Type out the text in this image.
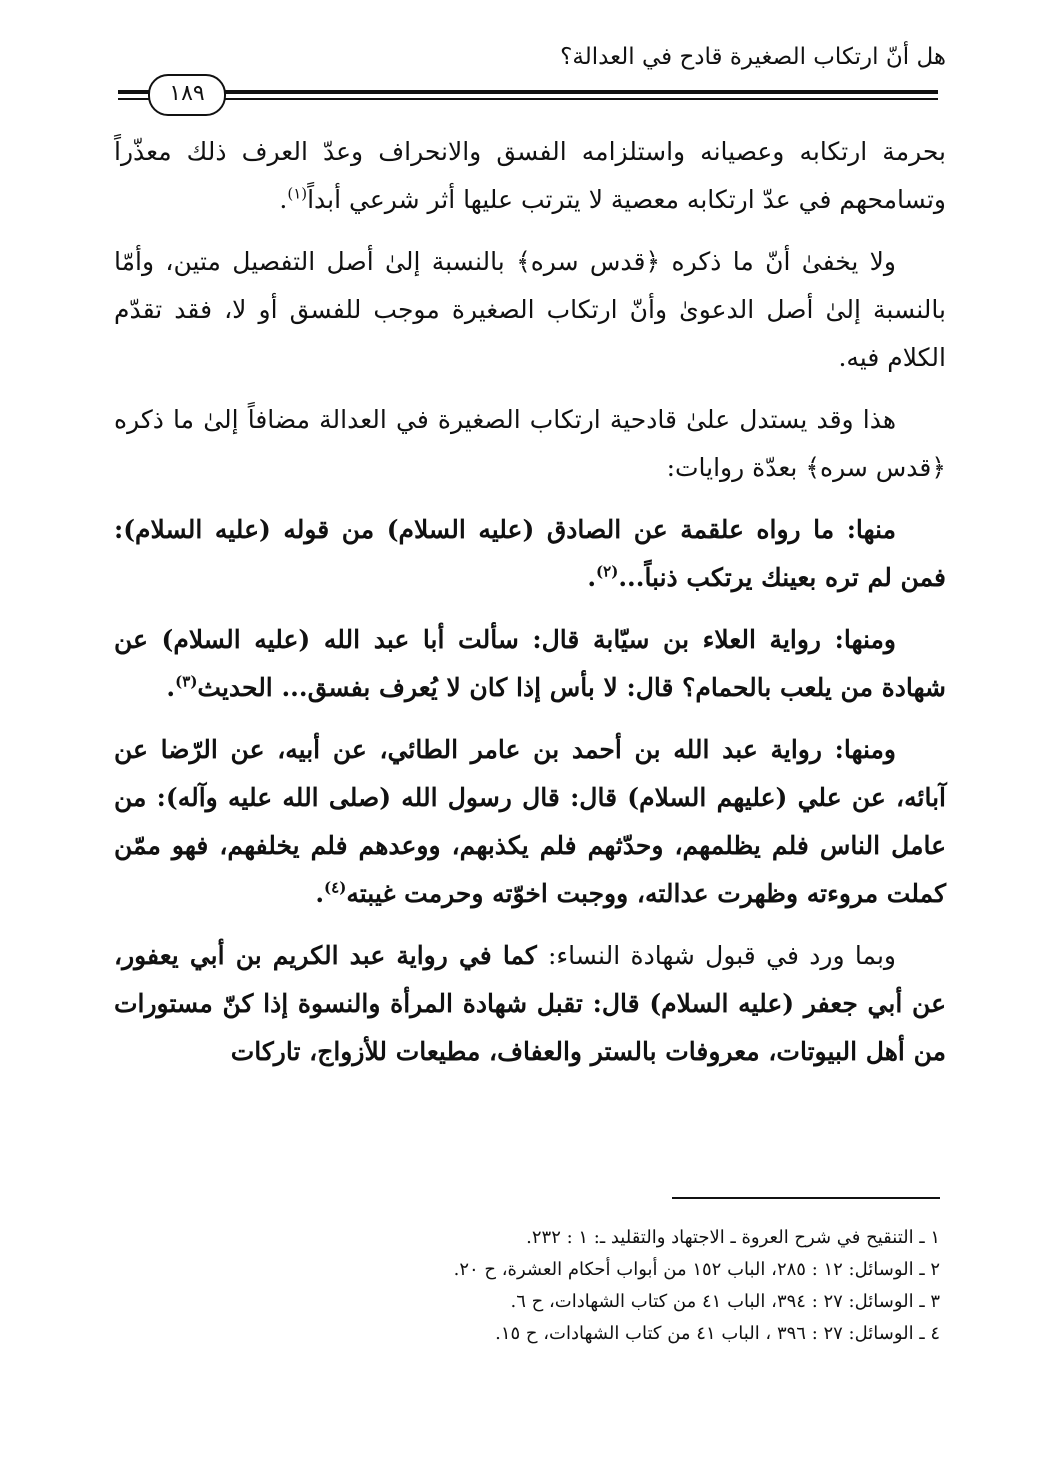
هل أنّ ارتكاب الصغيرة قادح في العدالة؟
١٨٩

بحرمة ارتكابه وعصيانه واستلزامه الفسق والانحراف وعدّ العرف ذلك معذّراً وتسامحهم في عدّ ارتكابه معصية لا يترتب عليها أثر شرعي أبداً$^{(١)}$.

ولا يخفىٰ أنّ ما ذكره ﴿قدس سره﴾ بالنسبة إلىٰ أصل التفصيل متين، وأمّا بالنسبة إلىٰ أصل الدعوىٰ وأنّ ارتكاب الصغيرة موجب للفسق أو لا، فقد تقدّم الكلام فيه.

هذا وقد يستدل علىٰ قادحية ارتكاب الصغيرة في العدالة مضافاً إلىٰ ما ذكره ﴿قدس سره﴾ بعدّة روايات:

منها: ما رواه علقمة عن الصادق (عليه السلام) من قوله (عليه السلام): فمن لم تره بعينك يرتكب ذنباً...$^{(٢)}$.

ومنها: رواية العلاء بن سيّابة قال: سألت أبا عبد الله (عليه السلام) عن شهادة من يلعب بالحمام؟ قال: لا بأس إذا كان لا يُعرف بفسق... الحديث$^{(٣)}$.

ومنها: رواية عبد الله بن أحمد بن عامر الطائي، عن أبيه، عن الرّضا عن آبائه، عن علي (عليهم السلام) قال: قال رسول الله (صلى الله عليه وآله): من عامل الناس فلم يظلمهم، وحدّثهم فلم يكذبهم، ووعدهم فلم يخلفهم، فهو ممّن كملت مروءته وظهرت عدالته، ووجبت اخوّته وحرمت غيبته$^{(٤)}$.

وبما ورد في قبول شهادة النساء: كما في رواية عبد الكريم بن أبي يعفور، عن أبي جعفر (عليه السلام) قال: تقبل شهادة المرأة والنسوة إذا كنّ مستورات من أهل البيوتات، معروفات بالستر والعفاف، مطيعات للأزواج، تاركات

١ ـ التنقيح في شرح العروة ـ الاجتهاد والتقليد ـ: ١ : ٢٣٢.
٢ ـ الوسائل: ١٢ : ٢٨٥، الباب ١٥٢ من أبواب أحكام العشرة، ح ٢٠.
٣ ـ الوسائل: ٢٧ : ٣٩٤، الباب ٤١ من كتاب الشهادات، ح ٦.
٤ ـ الوسائل: ٢٧ : ٣٩٦ ، الباب ٤١ من كتاب الشهادات، ح ١٥.
